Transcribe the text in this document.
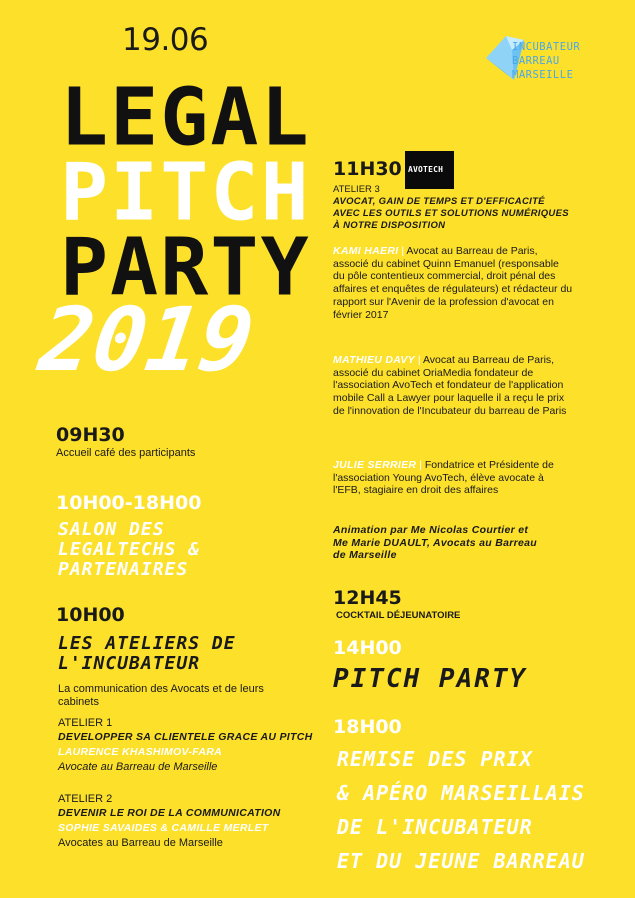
19.06	INCUBATEUR
BARREAU
MARSEILLE
LEGAL
PITCH
PARTY
2019
09H30
Accueil café des participants
10H00-18H00
SALON DES
LEGALTECHS &
PARTENAIRES
10H00
LES ATELIERS DE
L'INCUBATEUR
La communication des Avocats et de leurs cabinets
ATELIER 1
DEVELOPPER SA CLIENTELE GRACE AU PITCH
LAURENCE KHASHIMOV-FARA
Avocate au Barreau de Marseille
ATELIER 2
DEVENIR LE ROI DE LA COMMUNICATION
SOPHIE SAVAIDES & CAMILLE MERLET
Avocates au Barreau de Marseille
11H30 AVOTECH
ATELIER 3
AVOCAT, GAIN DE TEMPS ET D'EFFICACITÉ
AVEC LES OUTILS ET SOLUTIONS NUMÉRIQUES
À NOTRE DISPOSITION
KAMI HAERI | Avocat au Barreau de Paris, associé du cabinet Quinn Emanuel (responsable du pôle contentieux commercial, droit pénal des affaires et enquêtes de régulateurs) et rédacteur du rapport sur l'Avenir de la profession d'avocat en février 2017
MATHIEU DAVY | Avocat au Barreau de Paris, associé du cabinet OriaMedia fondateur de l'association AvoTech et fondateur de l'application mobile Call a Lawyer pour laquelle il a reçu le prix de l'innovation de l'Incubateur du barreau de Paris
JULIE SERRIER | Fondatrice et Présidente de l'association Young AvoTech, élève avocate à l'EFB, stagiaire en droit des affaires
Animation par Me Nicolas Courtier et
Me Marie DUAULT, Avocats au Barreau
de Marseille
12H45
COCKTAIL DÉJEUNATOIRE
14H00
PITCH PARTY
18H00
REMISE DES PRIX
& APÉRO MARSEILLAIS
DE L'INCUBATEUR
ET DU JEUNE BARREAU
